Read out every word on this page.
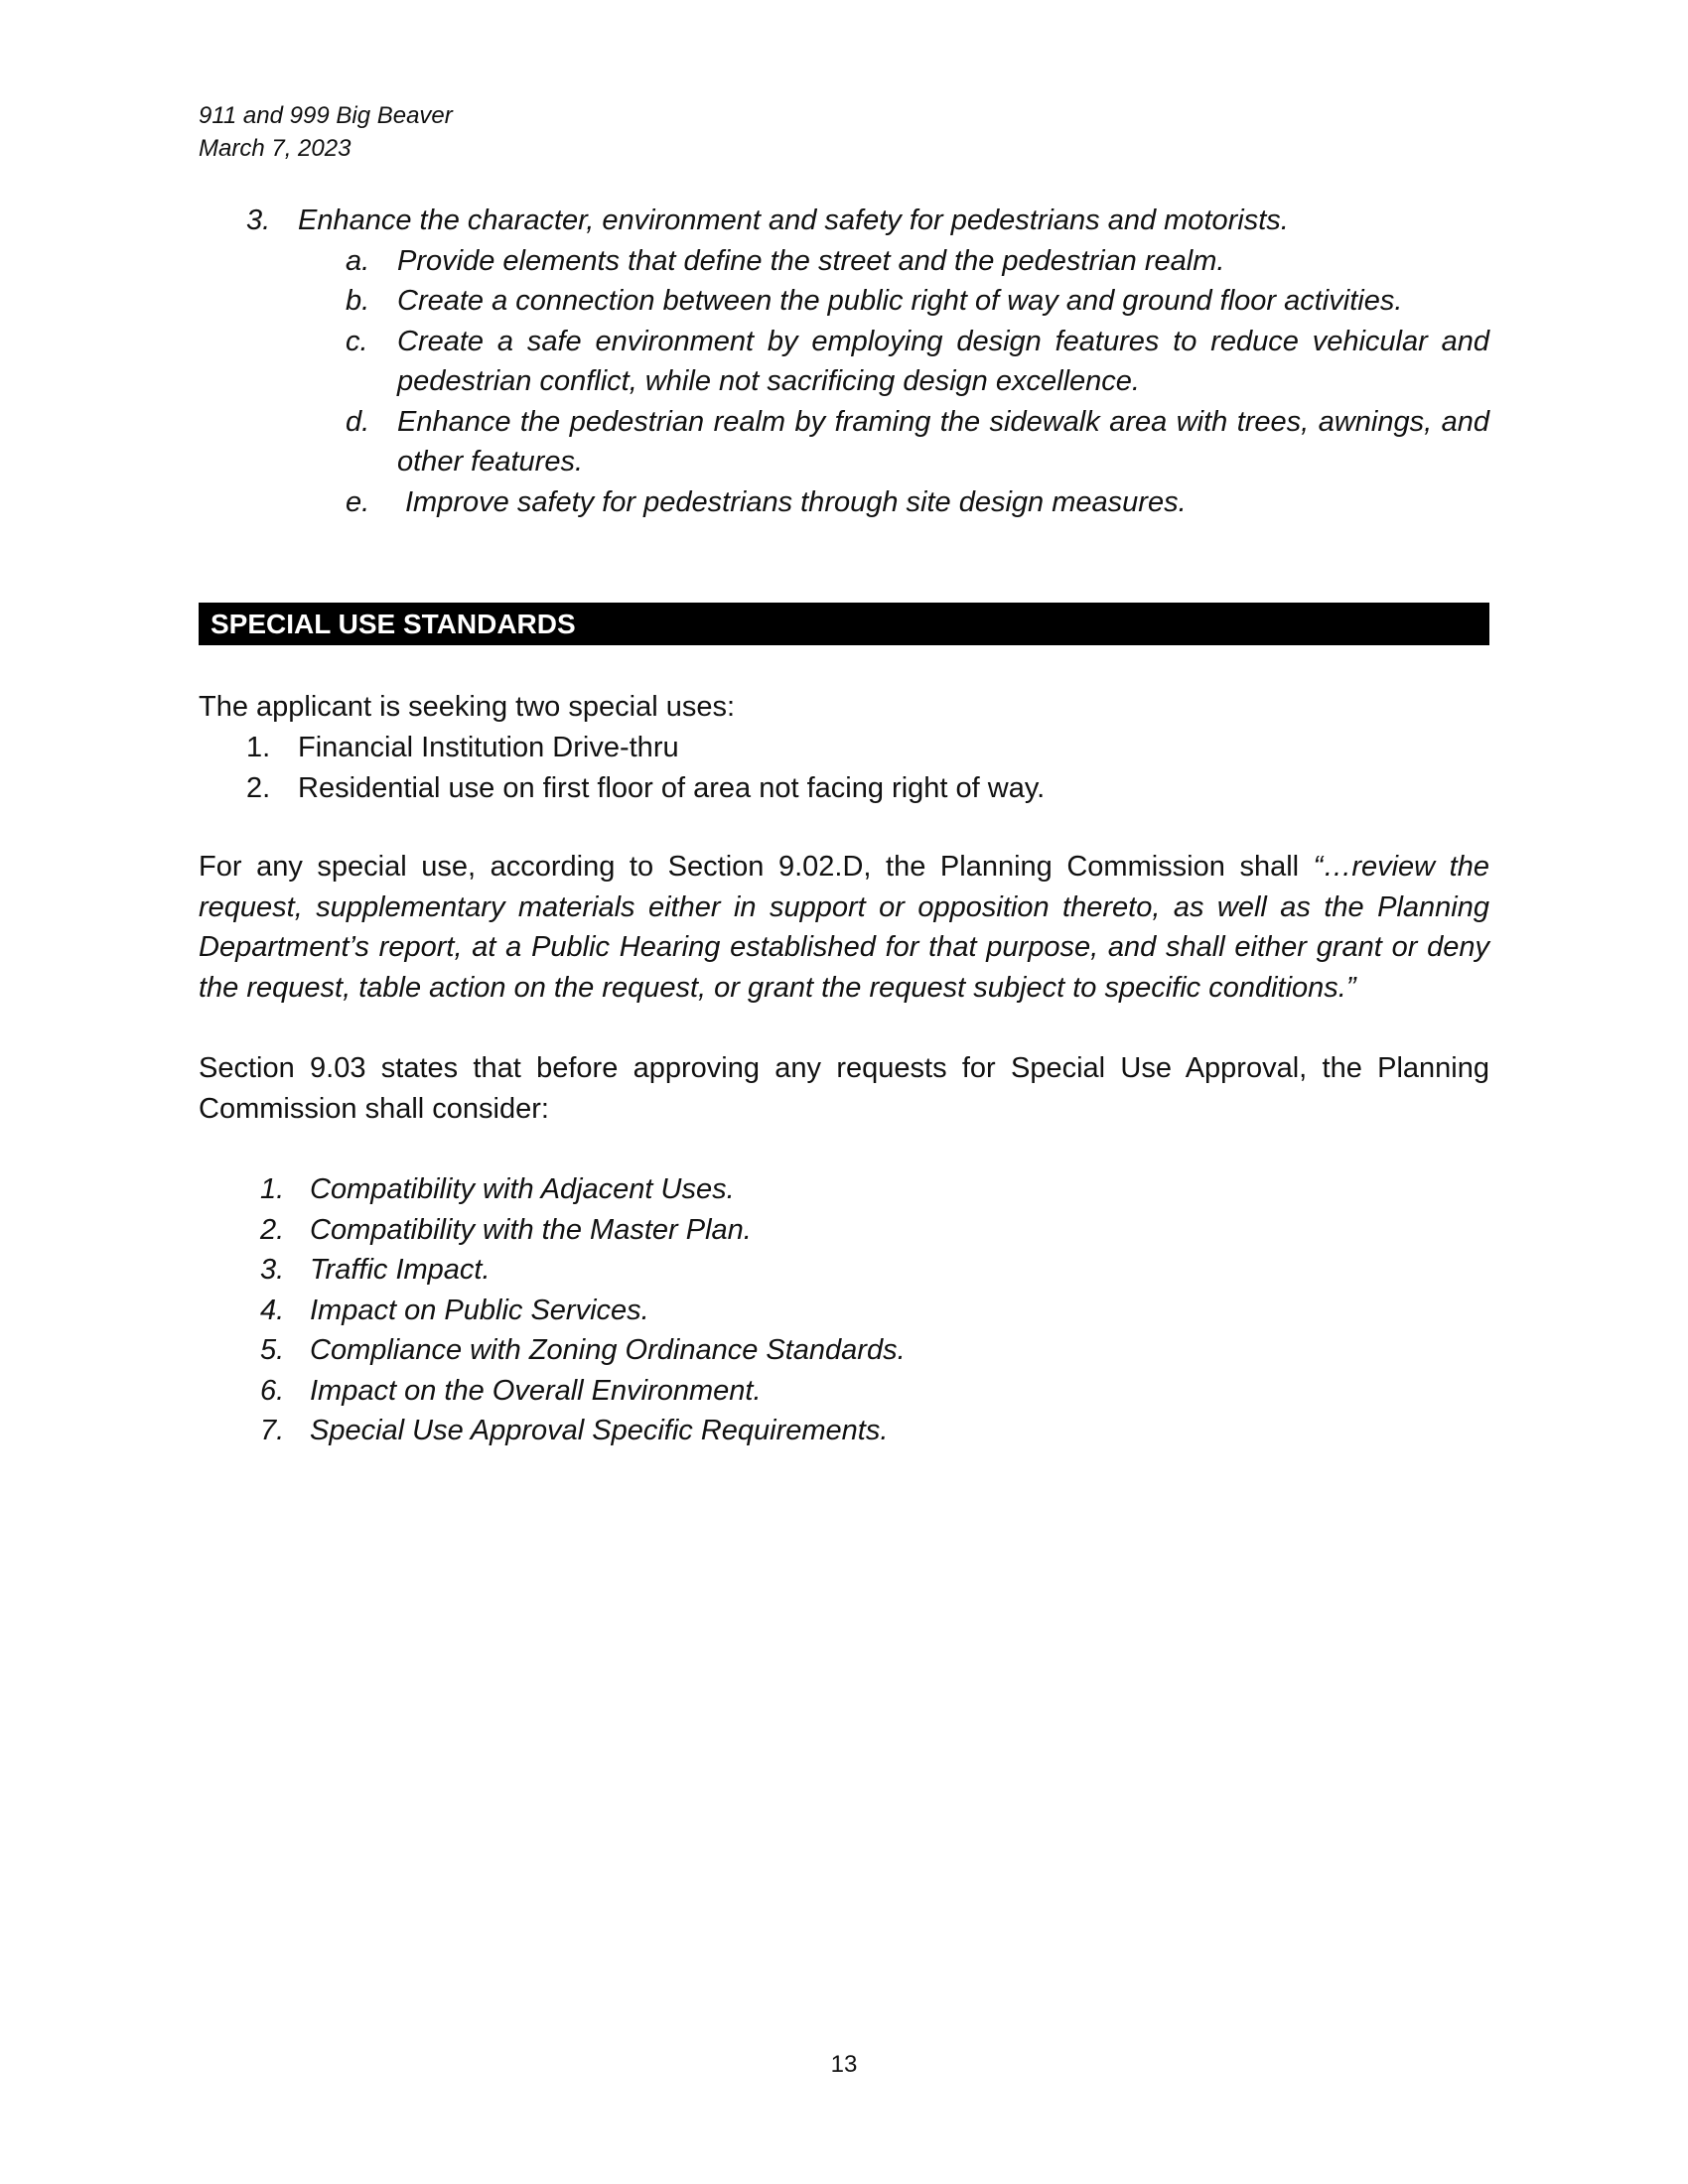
911 and 999 Big Beaver
March 7, 2023
3. Enhance the character, environment and safety for pedestrians and motorists.
a. Provide elements that define the street and the pedestrian realm.
b. Create a connection between the public right of way and ground floor activities.
c.	Create a safe environment by employing design features to reduce vehicular and pedestrian conflict, while not sacrificing design excellence.
d. Enhance the pedestrian realm by framing the sidewalk area with trees, awnings, and other features.
e.	Improve safety for pedestrians through site design measures.
SPECIAL USE STANDARDS
The applicant is seeking two special uses:
1. Financial Institution Drive-thru
2. Residential use on first floor of area not facing right of way.
For any special use, according to Section 9.02.D, the Planning Commission shall “…review the request, supplementary materials either in support or opposition thereto, as well as the Planning Department’s report, at a Public Hearing established for that purpose, and shall either grant or deny the request, table action on the request, or grant the request subject to specific conditions.”
Section 9.03 states that before approving any requests for Special Use Approval, the Planning Commission shall consider:
1. Compatibility with Adjacent Uses.
2. Compatibility with the Master Plan.
3. Traffic Impact.
4. Impact on Public Services.
5. Compliance with Zoning Ordinance Standards.
6. Impact on the Overall Environment.
7. Special Use Approval Specific Requirements.
13
